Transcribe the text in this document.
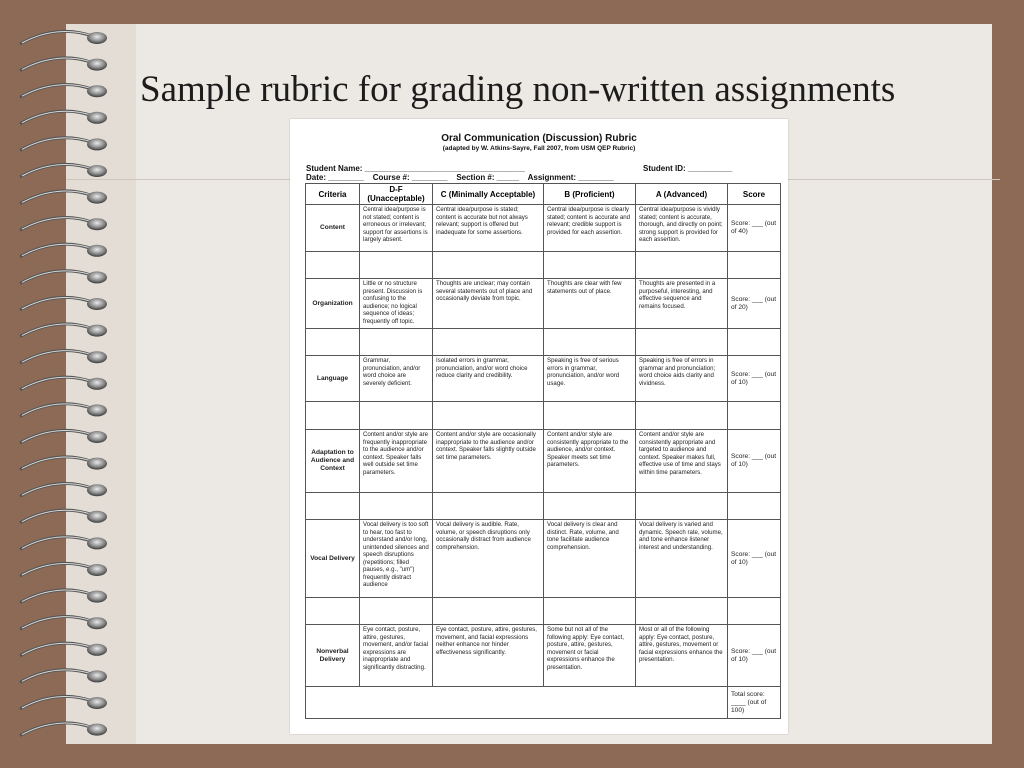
Sample rubric for grading non-written assignments
Oral Communication (Discussion) Rubric
(adapted by W. Atkins-Sayre, Fall 2007, from USM QEP Rubric)
Student Name: ____________________________________	Student ID: __________
Date: ________    Course #: ________    Section #: _____    Assignment: ________
Criteria	D-F (Unacceptable)	C (Minimally Acceptable)	B (Proficient)	A (Advanced)	Score
Content	Central idea/purpose is not stated; content is erroneous or irrelevant; support for assertions is largely absent.	Central idea/purpose is stated; content is accurate but not always relevant; support is offered but inadequate for some assertions.	Central idea/purpose is clearly stated; content is accurate and relevant; credible support is provided for each assertion.	Central idea/purpose is vividly stated; content is accurate, thorough, and directly on point; strong support is provided for each assertion.	Score: ___ (out of 40)

Organization	Little or no structure present. Discussion is confusing to the audience; no logical sequence of ideas; frequently off topic.	Thoughts are unclear; may contain several statements out of place and occasionally deviate from topic.	Thoughts are clear with few statements out of place.	Thoughts are presented in a purposeful, interesting, and effective sequence and remains focused.	Score: ___ (out of 20)

Language	Grammar, pronunciation, and/or word choice are severely deficient.	Isolated errors in grammar, pronunciation, and/or word choice reduce clarity and credibility.	Speaking is free of serious errors in grammar, pronunciation, and/or word usage.	Speaking is free of errors in grammar and pronunciation; word choice aids clarity and vividness.	Score: ___ (out of 10)

Adaptation to Audience and Context	Content and/or style are frequently inappropriate to the audience and/or context. Speaker falls well outside set time parameters.	Content and/or style are occasionally inappropriate to the audience and/or context. Speaker falls slightly outside set time parameters.	Content and/or style are consistently appropriate to the audience, and/or context. Speaker meets set time parameters.	Content and/or style are consistently appropriate and targeted to audience and context. Speaker makes full, effective use of time and stays within time parameters.	Score: ___ (out of 10)

Vocal Delivery	Vocal delivery is too soft to hear, too fast to understand and/or long, unintended silences and speech disruptions (repetitions; filled pauses, e.g., "um") frequently distract audience	Vocal delivery is audible. Rate, volume, or speech disruptions only occasionally distract from audience comprehension.	Vocal delivery is clear and distinct. Rate, volume, and tone facilitate audience comprehension.	Vocal delivery is varied and dynamic. Speech rate, volume, and tone enhance listener interest and understanding.	Score: ___ (out of 10)

Nonverbal Delivery	Eye contact, posture, attire, gestures, movement, and/or facial expressions are inappropriate and significantly distracting.	Eye contact, posture, attire, gestures, movement, and facial expressions neither enhance nor hinder effectiveness significantly.	Some but not all of the following apply: Eye contact, posture, attire, gestures, movement or facial expressions enhance the presentation.	Most or all of the following apply: Eye contact, posture, attire, gestures, movement or facial expressions enhance the presentation.	Score: ___ (out of 10)
					Total score: ____ (out of 100)
